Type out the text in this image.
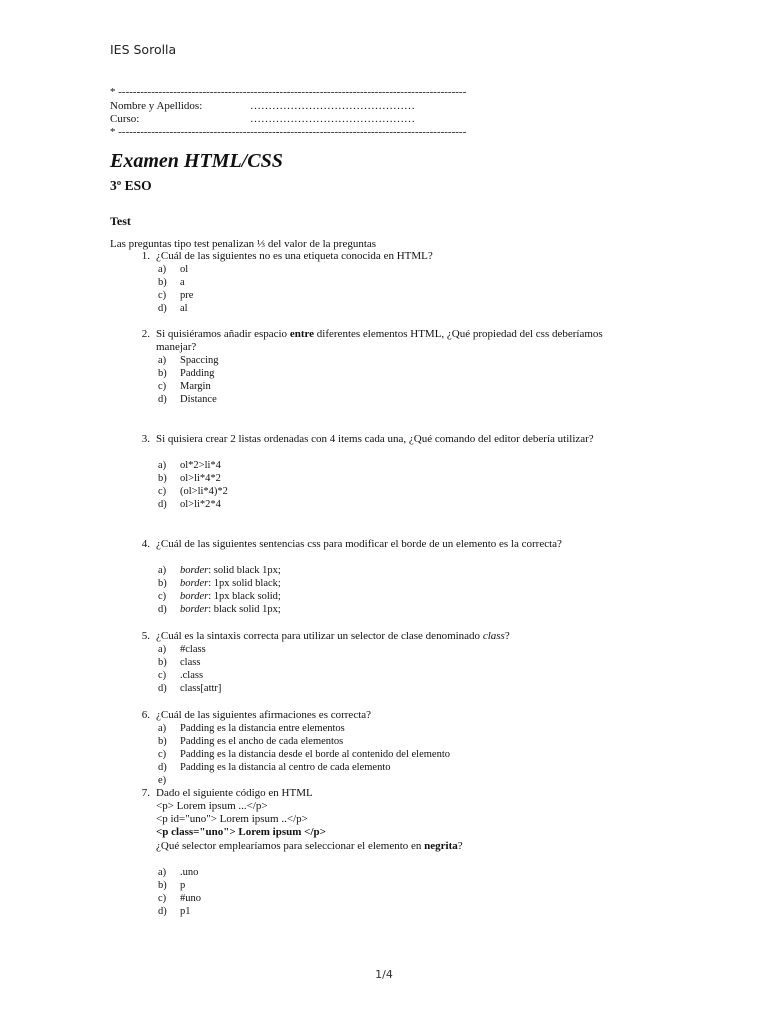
IES Sorolla
* -----------------------------------------------------------------------------------------------
Nombre y Apellidos:	………………………………………
Curso:	………………………………………
* -----------------------------------------------------------------------------------------------
Examen HTML/CSS
3º ESO
Test
Las preguntas tipo test penalizan ⅓ del valor de la preguntas
1. ¿Cuál de las siguientes no es una etiqueta conocida en HTML?
a) ol
b) a
c) pre
d) al
2. Si quisiéramos añadir espacio entre diferentes elementos HTML, ¿Qué propiedad del css deberíamos
manejar?
a) Spaccing
b) Padding
c) Margin
d) Distance
3. Si quisiera crear 2 listas ordenadas con 4 items cada una, ¿Qué comando del editor debería utilizar?
a) ol*2>li*4
b) ol>li*4*2
c) (ol>li*4)*2
d) ol>li*2*4
4. ¿Cuál de las siguientes sentencias css para modificar el borde de un elemento es la correcta?
a) border: solid black 1px;
b) border: 1px solid black;
c) border: 1px black solid;
d) border: black solid 1px;
5. ¿Cuál es la sintaxis correcta para utilizar un selector de clase denominado class?
a) #class
b) class
c) .class
d) class[attr]
6. ¿Cuál de las siguientes afirmaciones es correcta?
a) Padding es la distancia entre elementos
b) Padding es el ancho de cada elementos
c) Padding es la distancia desde el borde al contenido del elemento
d) Padding es la distancia al centro de cada elemento
e)
7. Dado el siguiente código en HTML
<p> Lorem ipsum ...</p>
<p id="uno"> Lorem ipsum ..</p>
<p class="uno"> Lorem ipsum </p>
¿Qué selector emplearíamos para seleccionar el elemento en negrita?
a) .uno
b) p
c) #uno
d) p1
1/4
